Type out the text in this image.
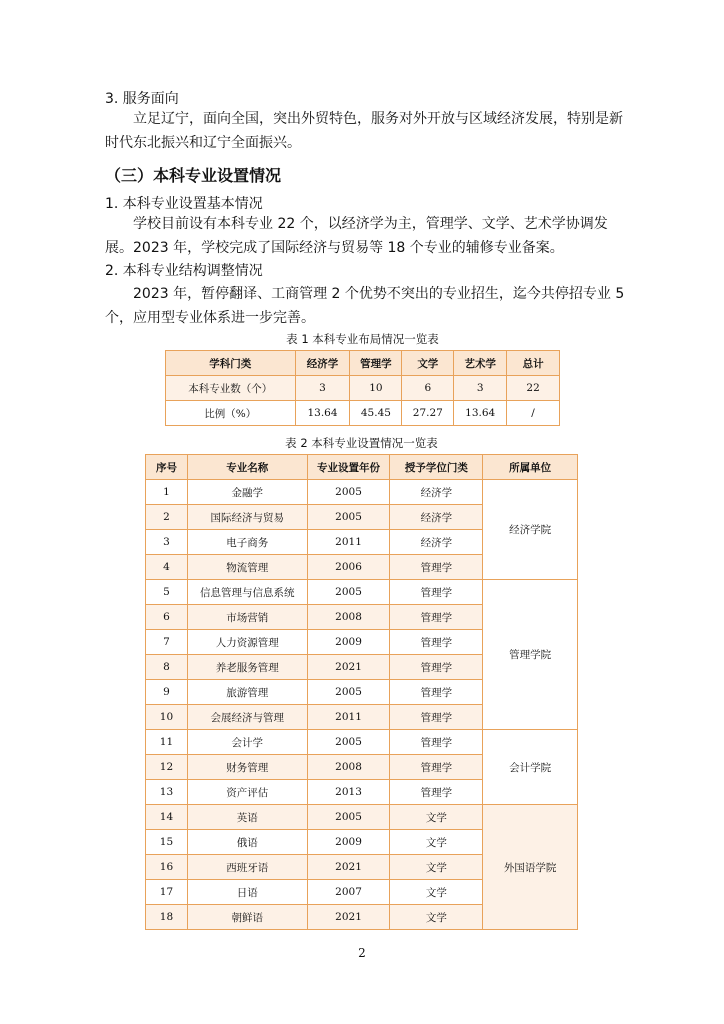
3. 服务面向
立足辽宁，面向全国，突出外贸特色，服务对外开放与区域经济发展，特别是新时代东北振兴和辽宁全面振兴。
（三）本科专业设置情况
1. 本科专业设置基本情况
学校目前设有本科专业 22 个，以经济学为主，管理学、文学、艺术学协调发展。2023 年，学校完成了国际经济与贸易等 18 个专业的辅修专业备案。
2. 本科专业结构调整情况
2023 年，暂停翻译、工商管理 2 个优势不突出的专业招生，迄今共停招专业 5 个，应用型专业体系进一步完善。
表 1 本科专业布局情况一览表
学科门类	经济学	管理学	文学	艺术学	总计
本科专业数（个）	3	10	6	3	22
比例（%）	13.64	45.45	27.27	13.64	/
表 2 本科专业设置情况一览表
序号	专业名称	专业设置年份	授予学位门类	所属单位
1	金融学	2005	经济学	经济学院
2	国际经济与贸易	2005	经济学	
3	电子商务	2011	经济学	
4	物流管理	2006	管理学	
5	信息管理与信息系统	2005	管理学	管理学院
6	市场营销	2008	管理学	
7	人力资源管理	2009	管理学	
8	养老服务管理	2021	管理学	
9	旅游管理	2005	管理学	
10	会展经济与管理	2011	管理学	
11	会计学	2005	管理学	会计学院
12	财务管理	2008	管理学	
13	资产评估	2013	管理学	
14	英语	2005	文学	外国语学院
15	俄语	2009	文学	
16	西班牙语	2021	文学	
17	日语	2007	文学	
18	朝鲜语	2021	文学	
2
